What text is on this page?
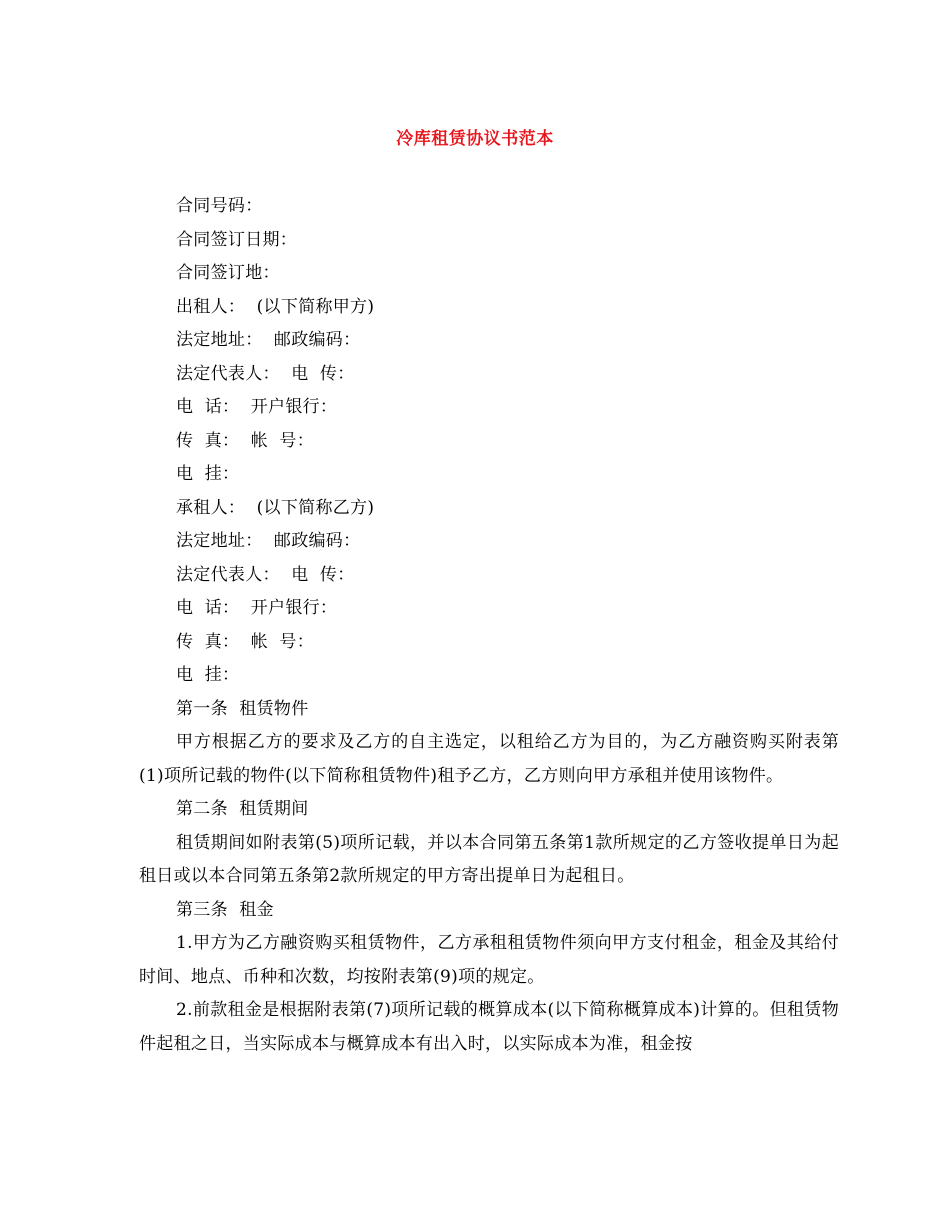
冷库租赁协议书范本
合同号码：
合同签订日期：
合同签订地：
出租人：  (以下简称甲方)
法定地址：  邮政编码：
法定代表人：  电  传：
电  话：  开户银行：
传  真：  帐  号：
电  挂：
承租人：  (以下简称乙方)
法定地址：  邮政编码：
法定代表人：  电  传：
电  话：  开户银行：
传  真：  帐  号：
电  挂：
第一条  租赁物件

甲方根据乙方的要求及乙方的自主选定，以租给乙方为目的，为乙方融资购买附表第(1)项所记载的物件(以下简称租赁物件)租予乙方，乙方则向甲方承租并使用该物件。

第二条  租赁期间

租赁期间如附表第(5)项所记载，并以本合同第五条第1款所规定的乙方签收提单日为起租日或以本合同第五条第2款所规定的甲方寄出提单日为起租日。

第三条  租金

1.甲方为乙方融资购买租赁物件，乙方承租租赁物件须向甲方支付租金，租金及其给付时间、地点、币种和次数，均按附表第(9)项的规定。

2.前款租金是根据附表第(7)项所记载的概算成本(以下简称概算成本)计算的。但租赁物件起租之日，当实际成本与概算成本有出入时，以实际成本为准，租金按
